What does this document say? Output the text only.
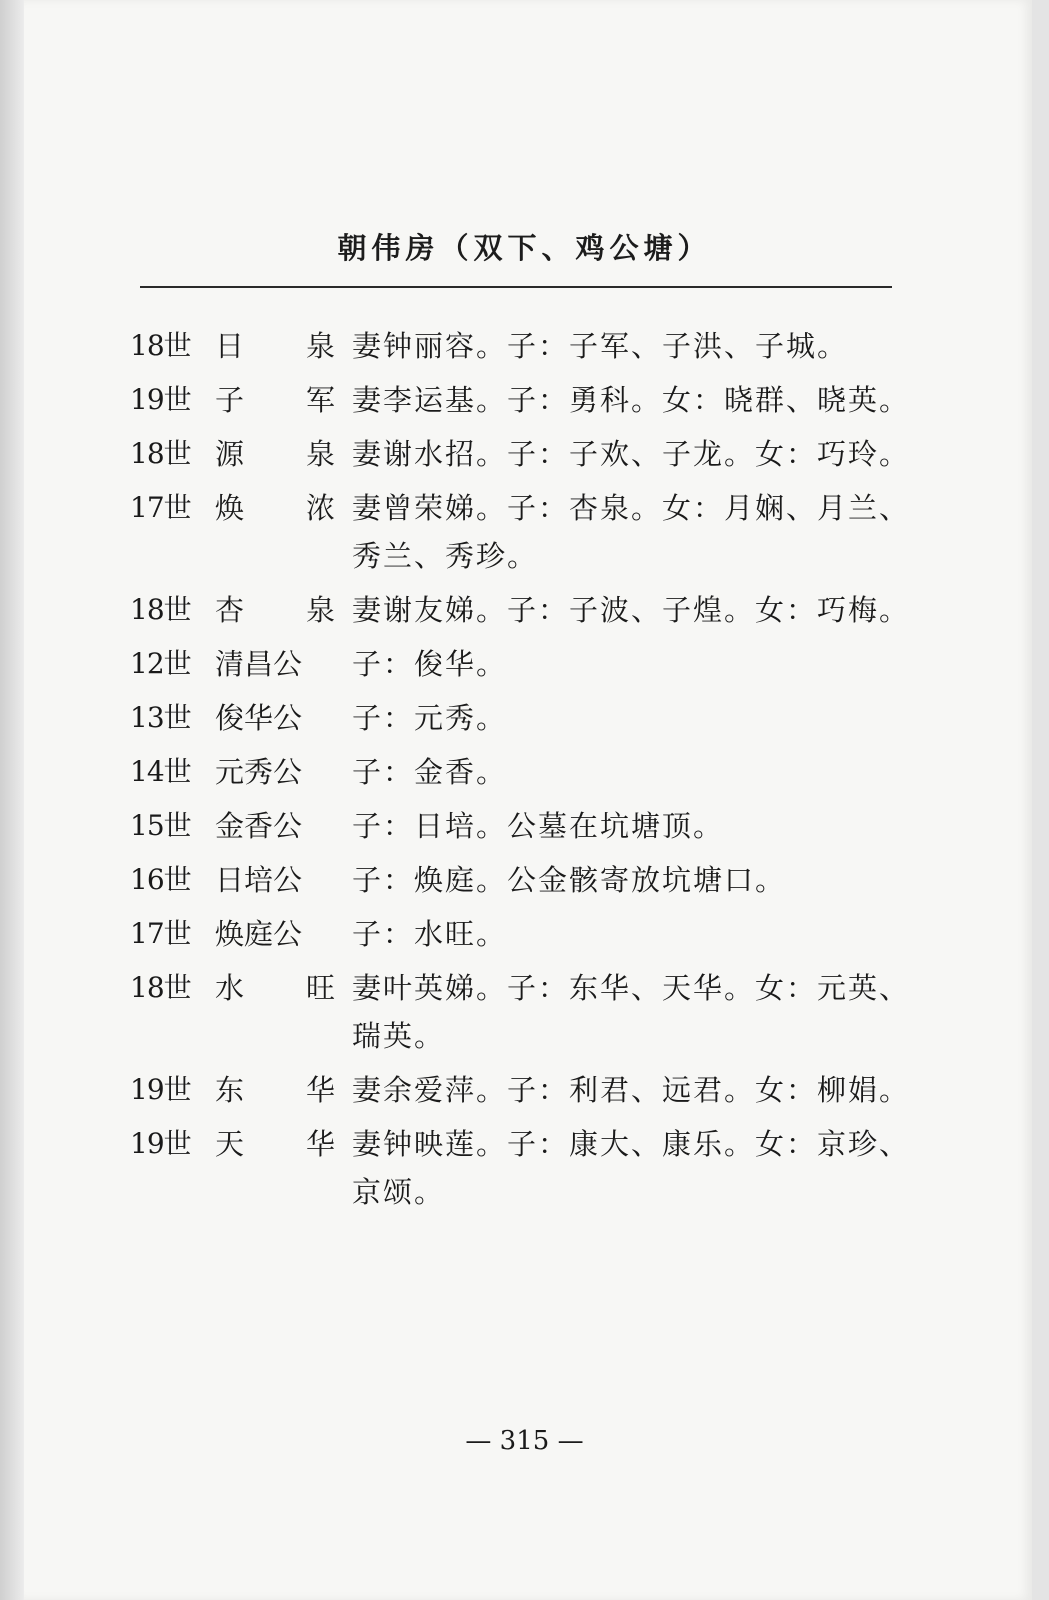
朝伟房（双下、鸡公塘）
18世 日 泉 妻钟丽容。子：子军、子洪、子城。
19世 子 军 妻李运基。子：勇科。女：晓群、晓英。
18世 源 泉 妻谢水招。子：子欢、子龙。女：巧玲。
17世 焕 浓 妻曾荣娣。子：杏泉。女：月娴、月兰、秀兰、秀珍。
18世 杏 泉 妻谢友娣。子：子波、子煌。女：巧梅。
12世 清昌公 子：俊华。
13世 俊华公 子：元秀。
14世 元秀公 子：金香。
15世 金香公 子：日培。公墓在坑塘顶。
16世 日培公 子：焕庭。公金骸寄放坑塘口。
17世 焕庭公 子：水旺。
18世 水 旺 妻叶英娣。子：东华、天华。女：元英、瑞英。
19世 东 华 妻余爱萍。子：利君、远君。女：柳娟。
19世 天 华 妻钟映莲。子：康大、康乐。女：京珍、京颂。
— 315 —
